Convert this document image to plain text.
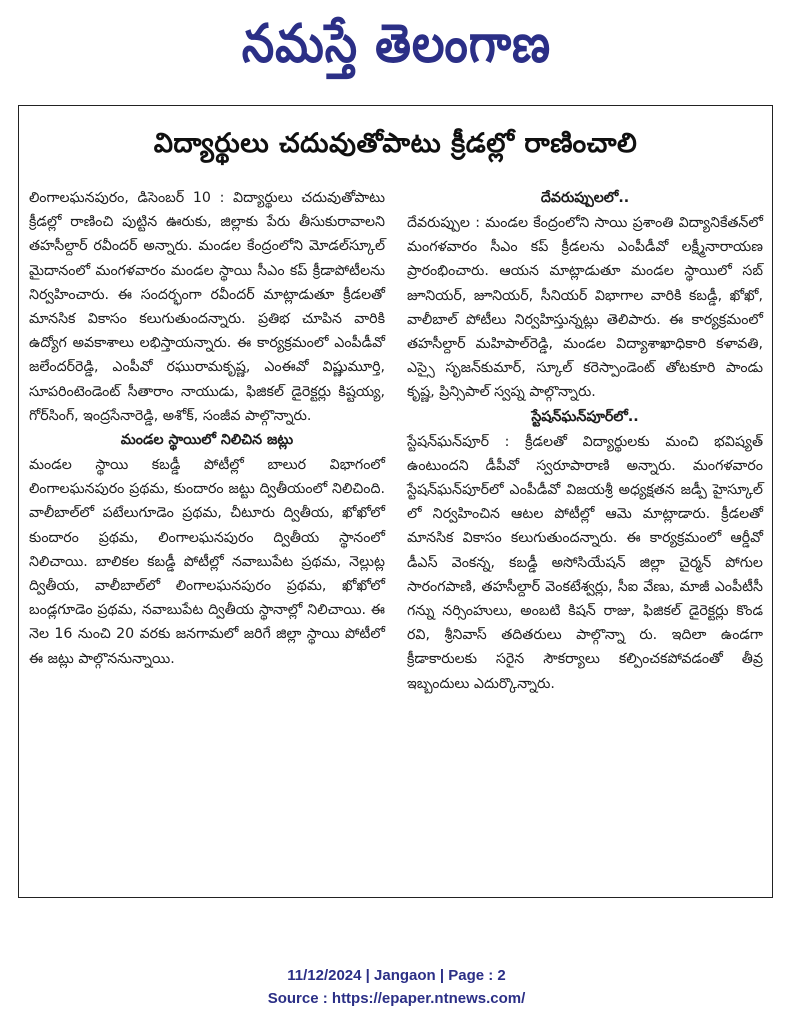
నమస్తే తెలంగాణ
విద్యార్థులు చదువుతోపాటు క్రీడల్లో రాణించాలి

లింగాలఘనపురం, డిసెంబర్ 10 : విద్యార్థులు చదువుతోపాటు క్రీడల్లో రాణించి పుట్టిన ఊరుకు, జిల్లాకు పేరు తీసుకురావాలని తహసీల్దార్ రవీందర్ అన్నారు. మండల కేంద్రంలోని మోడల్‌స్కూల్ మైదానంలో మంగళవారం మండల స్థాయి సీఎం కప్ క్రీడాపోటీలను నిర్వహించారు. ఈ సందర్భంగా రవీందర్ మాట్లాడుతూ క్రీడలతో మానసిక వికాసం కలుగుతుందన్నారు. ప్రతిభ చూపిన వారికి ఉద్యోగ అవకాశాలు లభిస్తాయన్నారు. ఈ కార్యక్రమంలో ఎంపీడీవో జలేందర్‌రెడ్డి, ఎంపీవో రఘురామకృష్ణ, ఎంఈవో విష్ణుమూర్తి, సూపరింటెండెంట్ సీతారాం నాయుడు, ఫిజికల్ డైరెక్టర్లు కిష్టయ్య, గోర్‌సింగ్, ఇంద్రసేనారెడ్డి, అశోక్, సంజీవ పాల్గొన్నారు.

మండల స్థాయిలో నిలిచిన జట్లు

మండల స్థాయి కబడ్డీ పోటీల్లో బాలుర విభాగంలో లింగాలఘనపురం ప్రథమ, కుందారం జట్టు ద్వితీయంలో నిలిచింది. వాలీబాల్‌లో పటేలుగూడెం ప్రథమ, చీటూరు ద్వితీయ, ఖోఖోలో కుందారం ప్రథమ, లింగాలఘనపురం ద్వితీయ స్థానంలో నిలిచాయి. బాలికల కబడ్డీ పోటీల్లో నవాబుపేట ప్రథమ, నెల్లుట్ల ద్వితీయ, వాలీబాల్‌లో లింగాలఘనపురం ప్రథమ, ఖోఖోలో బండ్లగూడెం ప్రథమ, నవాబుపేట ద్వితీయ స్థానాల్లో నిలిచాయి. ఈ నెల 16 నుంచి 20 వరకు జనగామలో జరిగే జిల్లా స్థాయి పోటీలో ఈ జట్లు పాల్గొననున్నాయి.

దేవరుప్పులలో..

దేవరుప్పుల : మండల కేంద్రంలోని సాయి ప్రశాంతి విద్యానికేతన్‌లో మంగళవారం సీఎం కప్ క్రీడలను ఎంపీడీవో లక్ష్మీనారాయణ ప్రారంభించారు. ఆయన మాట్లాడుతూ మండల స్థాయిలో సబ్ జూనియర్, జూనియర్, సీనియర్ విభాగాల వారికి కబడ్డీ, ఖోఖో, వాలీబాల్ పోటీలు నిర్వహిస్తున్నట్లు తెలిపారు. ఈ కార్యక్రమంలో తహసీల్దార్ మహిపాల్‌రెడ్డి, మండల విద్యాశాఖాధికారి కళావతి, ఎస్సై సృజన్‌కుమార్, స్కూల్ కరెస్పాండెంట్ తోటకూరి పాండు కృష్ణ, ప్రిన్సిపాల్ స్వప్న పాల్గొన్నారు.

స్టేషన్‌ఘన్‌పూర్‌లో..

స్టేషన్‌ఘన్‌పూర్ : క్రీడలతో విద్యార్థులకు మంచి భవిష్యత్ ఉంటుందని డీపీవో స్వరూపారాణి అన్నారు. మంగళవారం స్టేషన్‌ఘన్‌పూర్‌లో ఎంపీడీవో విజయశ్రీ అధ్యక్షతన జడ్పీ హైస్కూల్ లో నిర్వహించిన ఆటల పోటీల్లో ఆమె మాట్లాడారు. క్రీడలతో మానసిక వికాసం కలుగుతుందన్నారు. ఈ కార్యక్రమంలో ఆర్డీవో డీఎస్ వెంకన్న, కబడ్డీ అసోసియేషన్ జిల్లా చైర్మన్ పోగుల సారంగపాణి, తహసీల్దార్ వెంకటేశ్వర్లు, సీఐ వేణు, మాజీ ఎంపీటీసీ గన్ను నర్సింహులు, అంబటి కిషన్ రాజు, ఫిజికల్ డైరెక్టర్లు కొండ రవి, శ్రీనివాస్ తదితరులు పాల్గొన్నా రు. ఇదిలా ఉండగా క్రీడాకారులకు సరైన సౌకర్యాలు కల్పించకపోవడంతో తీవ్ర ఇబ్బందులు ఎదుర్కొన్నారు.

11/12/2024 | Jangaon | Page : 2
Source : https://epaper.ntnews.com/
